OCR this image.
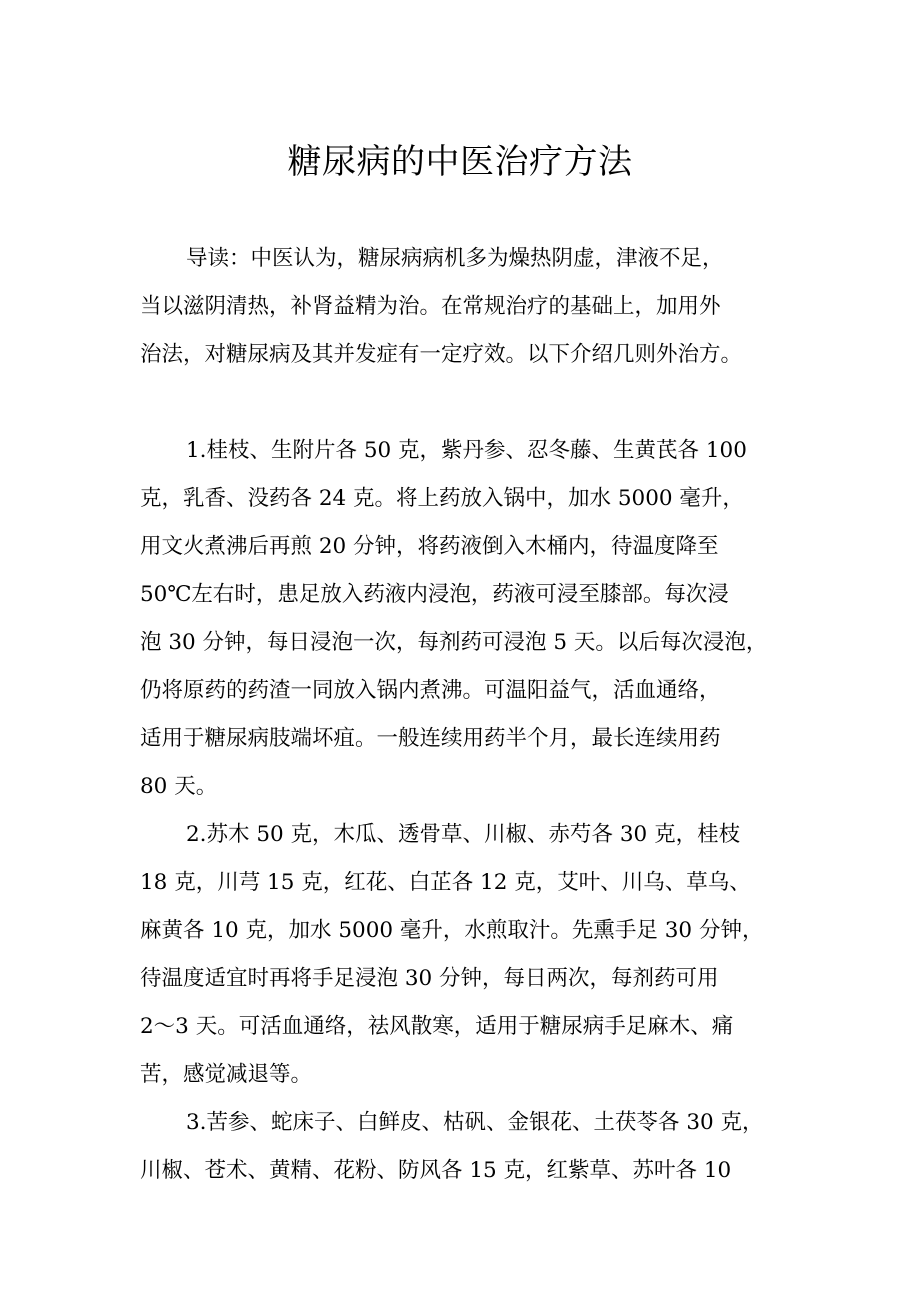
糖尿病的中医治疗方法

导读：中医认为，糖尿病病机多为燥热阴虚，津液不足，

当以滋阴清热，补肾益精为治。在常规治疗的基础上，加用外

治法，对糖尿病及其并发症有一定疗效。以下介绍几则外治方。

1.桂枝、生附片各 50 克，紫丹参、忍冬藤、生黄芪各 100

克，乳香、没药各 24 克。将上药放入锅中，加水 5000 毫升，

用文火煮沸后再煎 20 分钟，将药液倒入木桶内，待温度降至

50℃左右时，患足放入药液内浸泡，药液可浸至膝部。每次浸

泡 30 分钟，每日浸泡一次，每剂药可浸泡 5 天。以后每次浸泡，

仍将原药的药渣一同放入锅内煮沸。可温阳益气，活血通络，

适用于糖尿病肢端坏疽。一般连续用药半个月，最长连续用药

80 天。

2.苏木 50 克，木瓜、透骨草、川椒、赤芍各 30 克，桂枝

18 克，川芎 15 克，红花、白芷各 12 克，艾叶、川乌、草乌、

麻黄各 10 克，加水 5000 毫升，水煎取汁。先熏手足 30 分钟，

待温度适宜时再将手足浸泡 30 分钟，每日两次，每剂药可用

2～3 天。可活血通络，祛风散寒，适用于糖尿病手足麻木、痛

苦，感觉减退等。

3.苦参、蛇床子、白鲜皮、枯矾、金银花、土茯苓各 30 克，

川椒、苍术、黄精、花粉、防风各 15 克，红紫草、苏叶各 10
